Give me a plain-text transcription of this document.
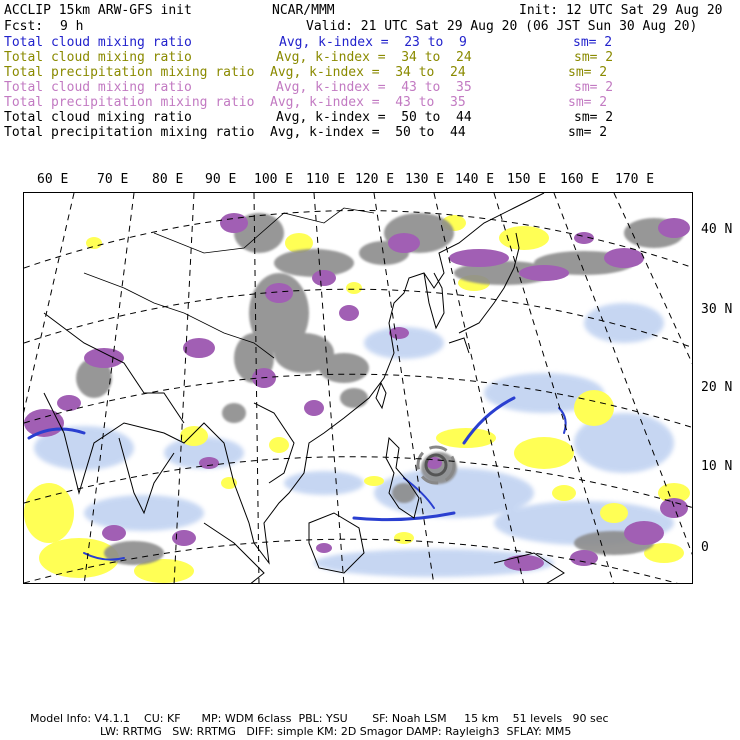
ACCLIP 15km ARW-GFS init	NCAR/MMM	Init: 12 UTC Sat 29 Aug 20
Fcst: 9 h	Valid: 21 UTC Sat 29 Aug 20 (06 JST Sun 30 Aug 20)
Total cloud mixing ratio	Avg, k-index =  23 to  9	sm= 2
Total cloud mixing ratio	Avg, k-index =  34 to  24	sm= 2
Total precipitation mixing ratio Avg, k-index =  34 to  24	sm= 2
Total cloud mixing ratio	Avg, k-index =  43 to  35	sm= 2
Total precipitation mixing ratio Avg, k-index =  43 to  35	sm= 2
Total cloud mixing ratio	Avg, k-index =  50 to  44	sm= 2
Total precipitation mixing ratio Avg, k-index =  50 to  44	sm= 2
60 E 70 E 80 E 90 E 100 E 110 E 120 E 130 E 140 E 150 E 160 E 170 E
40 N
30 N
20 N
10 N
0
Model Info: V4.1.1    CU: KF      MP: WDM 6class  PBL: YSU       SF: Noah LSM     15 km    51 levels   90 sec
LW: RRTMG   SW: RRTMG   DIFF: simple KM: 2D Smagor DAMP: Rayleigh3  SFLAY: MM5
